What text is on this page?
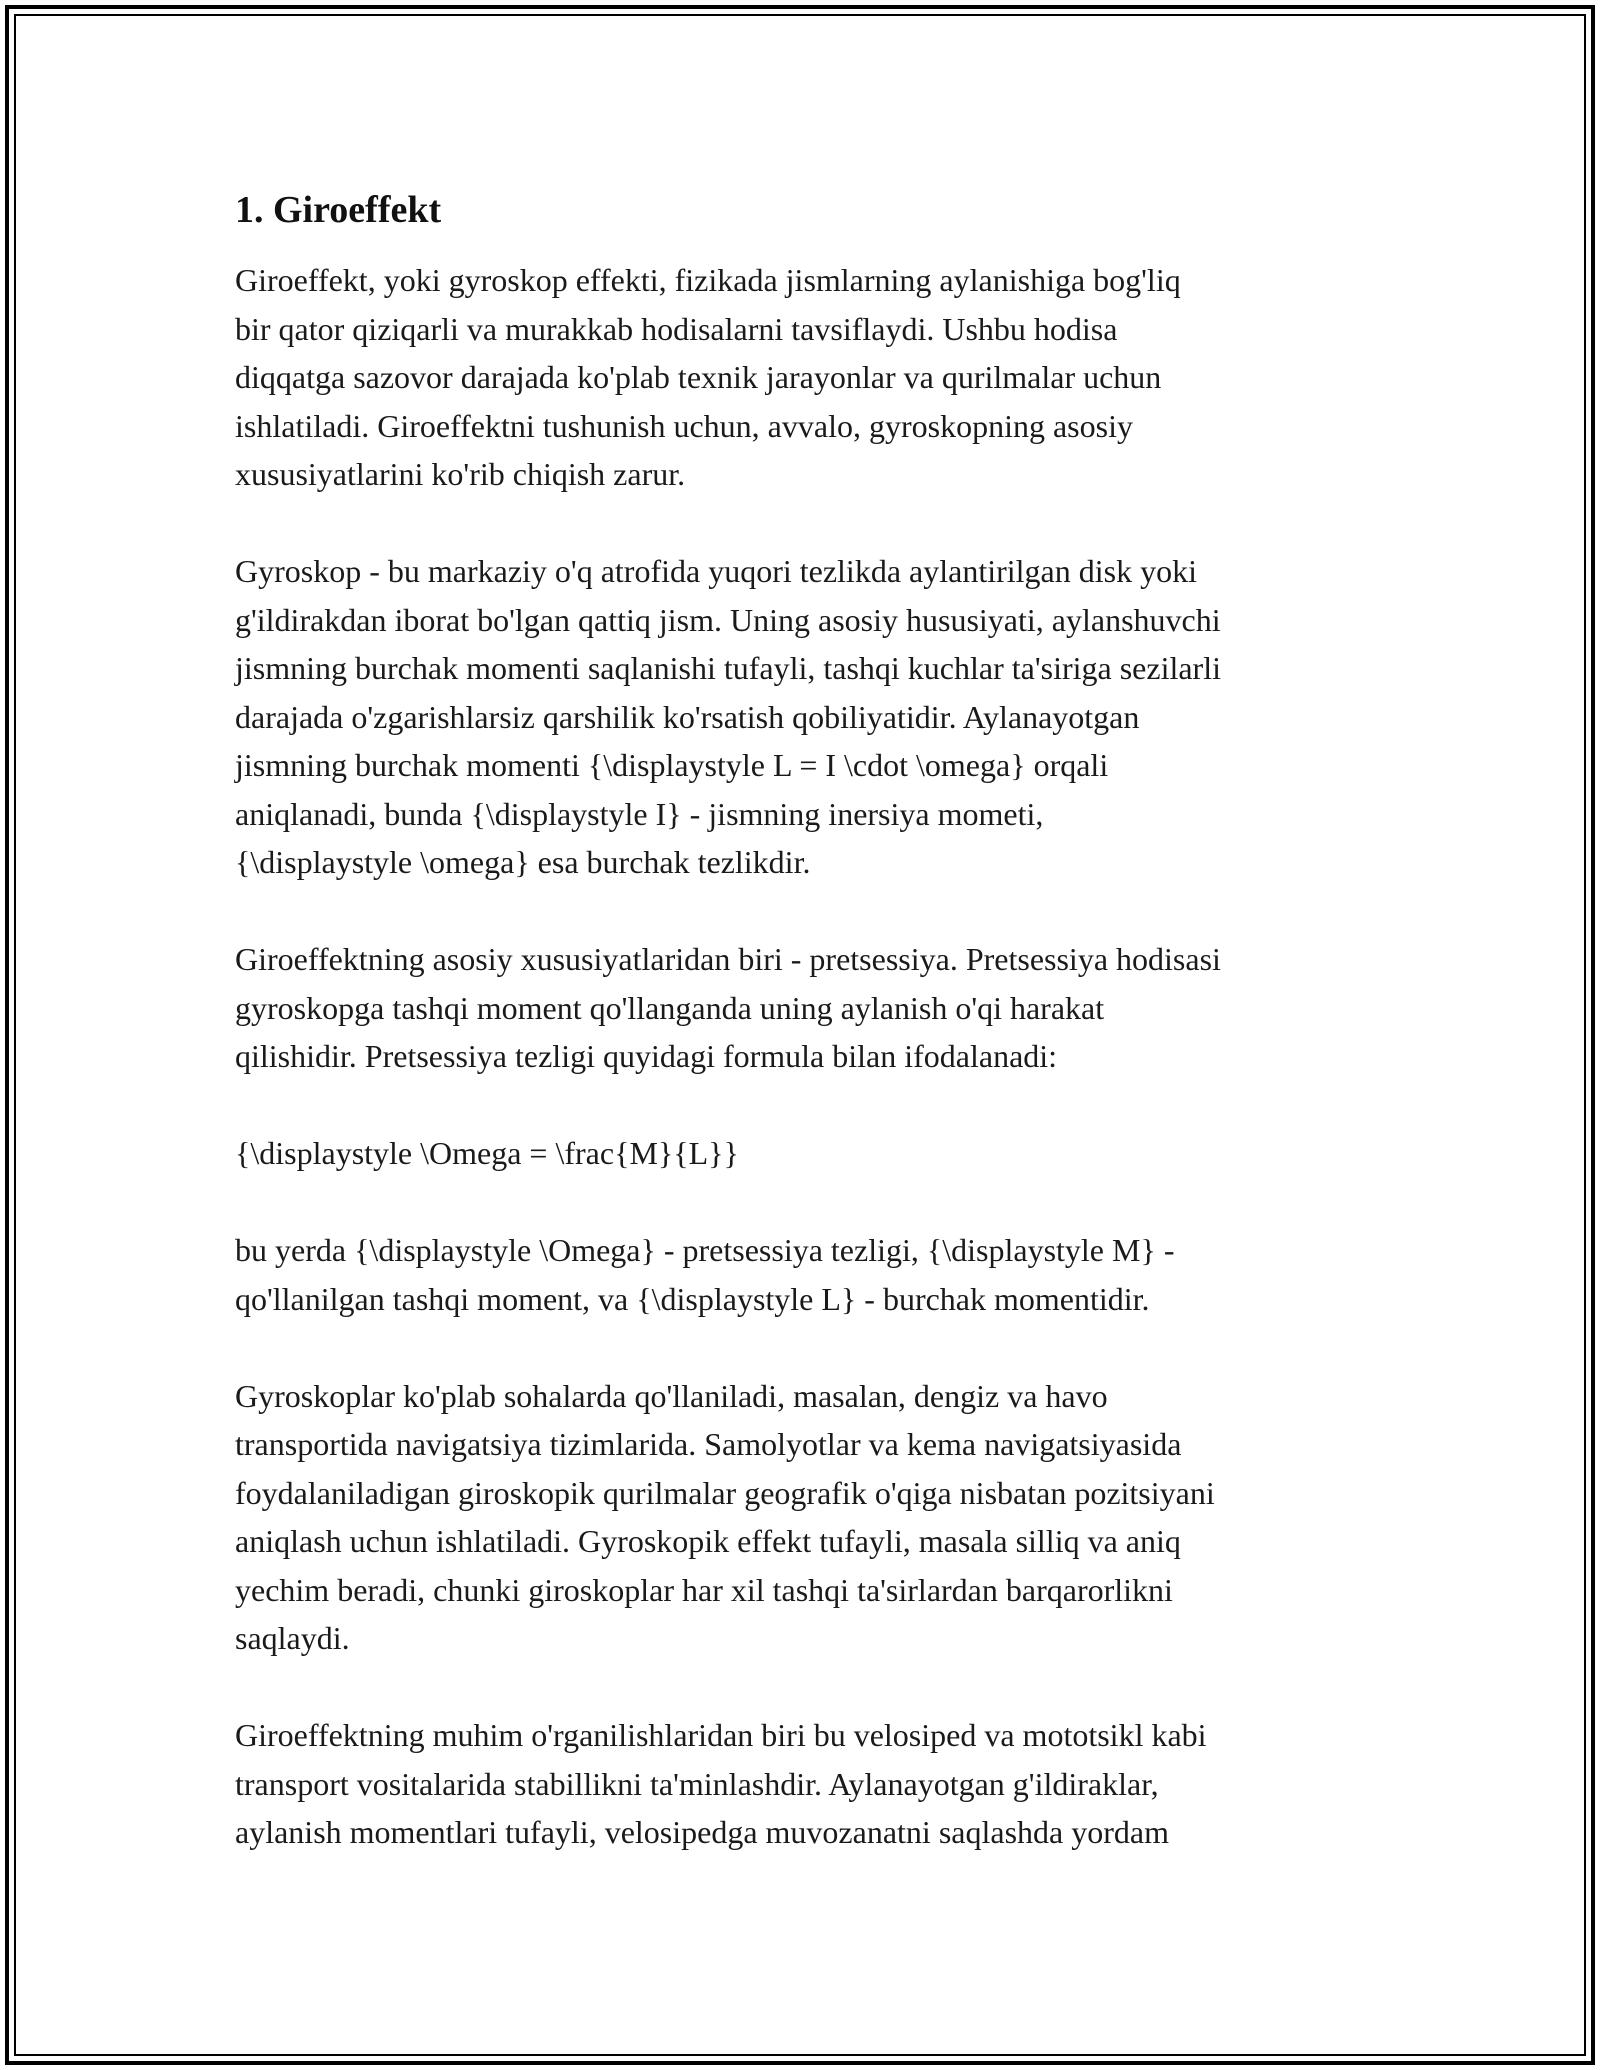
1. Giroeffekt

Giroeffekt, yoki gyroskop effekti, fizikada jismlarning aylanishiga bog'liq
bir qator qiziqarli va murakkab hodisalarni tavsiflaydi. Ushbu hodisa
diqqatga sazovor darajada ko'plab texnik jarayonlar va qurilmalar uchun
ishlatiladi. Giroeffektni tushunish uchun, avvalo, gyroskopning asosiy
xususiyatlarini ko'rib chiqish zarur.

Gyroskop - bu markaziy o'q atrofida yuqori tezlikda aylantirilgan disk yoki
g'ildirakdan iborat bo'lgan qattiq jism. Uning asosiy hususiyati, aylanshuvchi
jismning burchak momenti saqlanishi tufayli, tashqi kuchlar ta'siriga sezilarli
darajada o'zgarishlarsiz qarshilik ko'rsatish qobiliyatidir. Aylanayotgan
jismning burchak momenti {\displaystyle L = I \cdot \omega} orqali
aniqlanadi, bunda {\displaystyle I} - jismning inersiya mometi,
{\displaystyle \omega} esa burchak tezlikdir.

Giroeffektning asosiy xususiyatlaridan biri - pretsessiya. Pretsessiya hodisasi
gyroskopga tashqi moment qo'llanganda uning aylanish o'qi harakat
qilishidir. Pretsessiya tezligi quyidagi formula bilan ifodalanadi:

{\displaystyle \Omega = \frac{M}{L}}

bu yerda {\displaystyle \Omega} - pretsessiya tezligi, {\displaystyle M} -
qo'llanilgan tashqi moment, va {\displaystyle L} - burchak momentidir.

Gyroskoplar ko'plab sohalarda qo'llaniladi, masalan, dengiz va havo
transportida navigatsiya tizimlarida. Samolyotlar va kema navigatsiyasida
foydalaniladigan giroskopik qurilmalar geografik o'qiga nisbatan pozitsiyani
aniqlash uchun ishlatiladi. Gyroskopik effekt tufayli, masala silliq va aniq
yechim beradi, chunki giroskoplar har xil tashqi ta'sirlardan barqarorlikni
saqlaydi.

Giroeffektning muhim o'rganilishlaridan biri bu velosiped va mototsikl kabi
transport vositalarida stabillikni ta'minlashdir. Aylanayotgan g'ildiraklar,
aylanish momentlari tufayli, velosipedga muvozanatni saqlashda yordam
